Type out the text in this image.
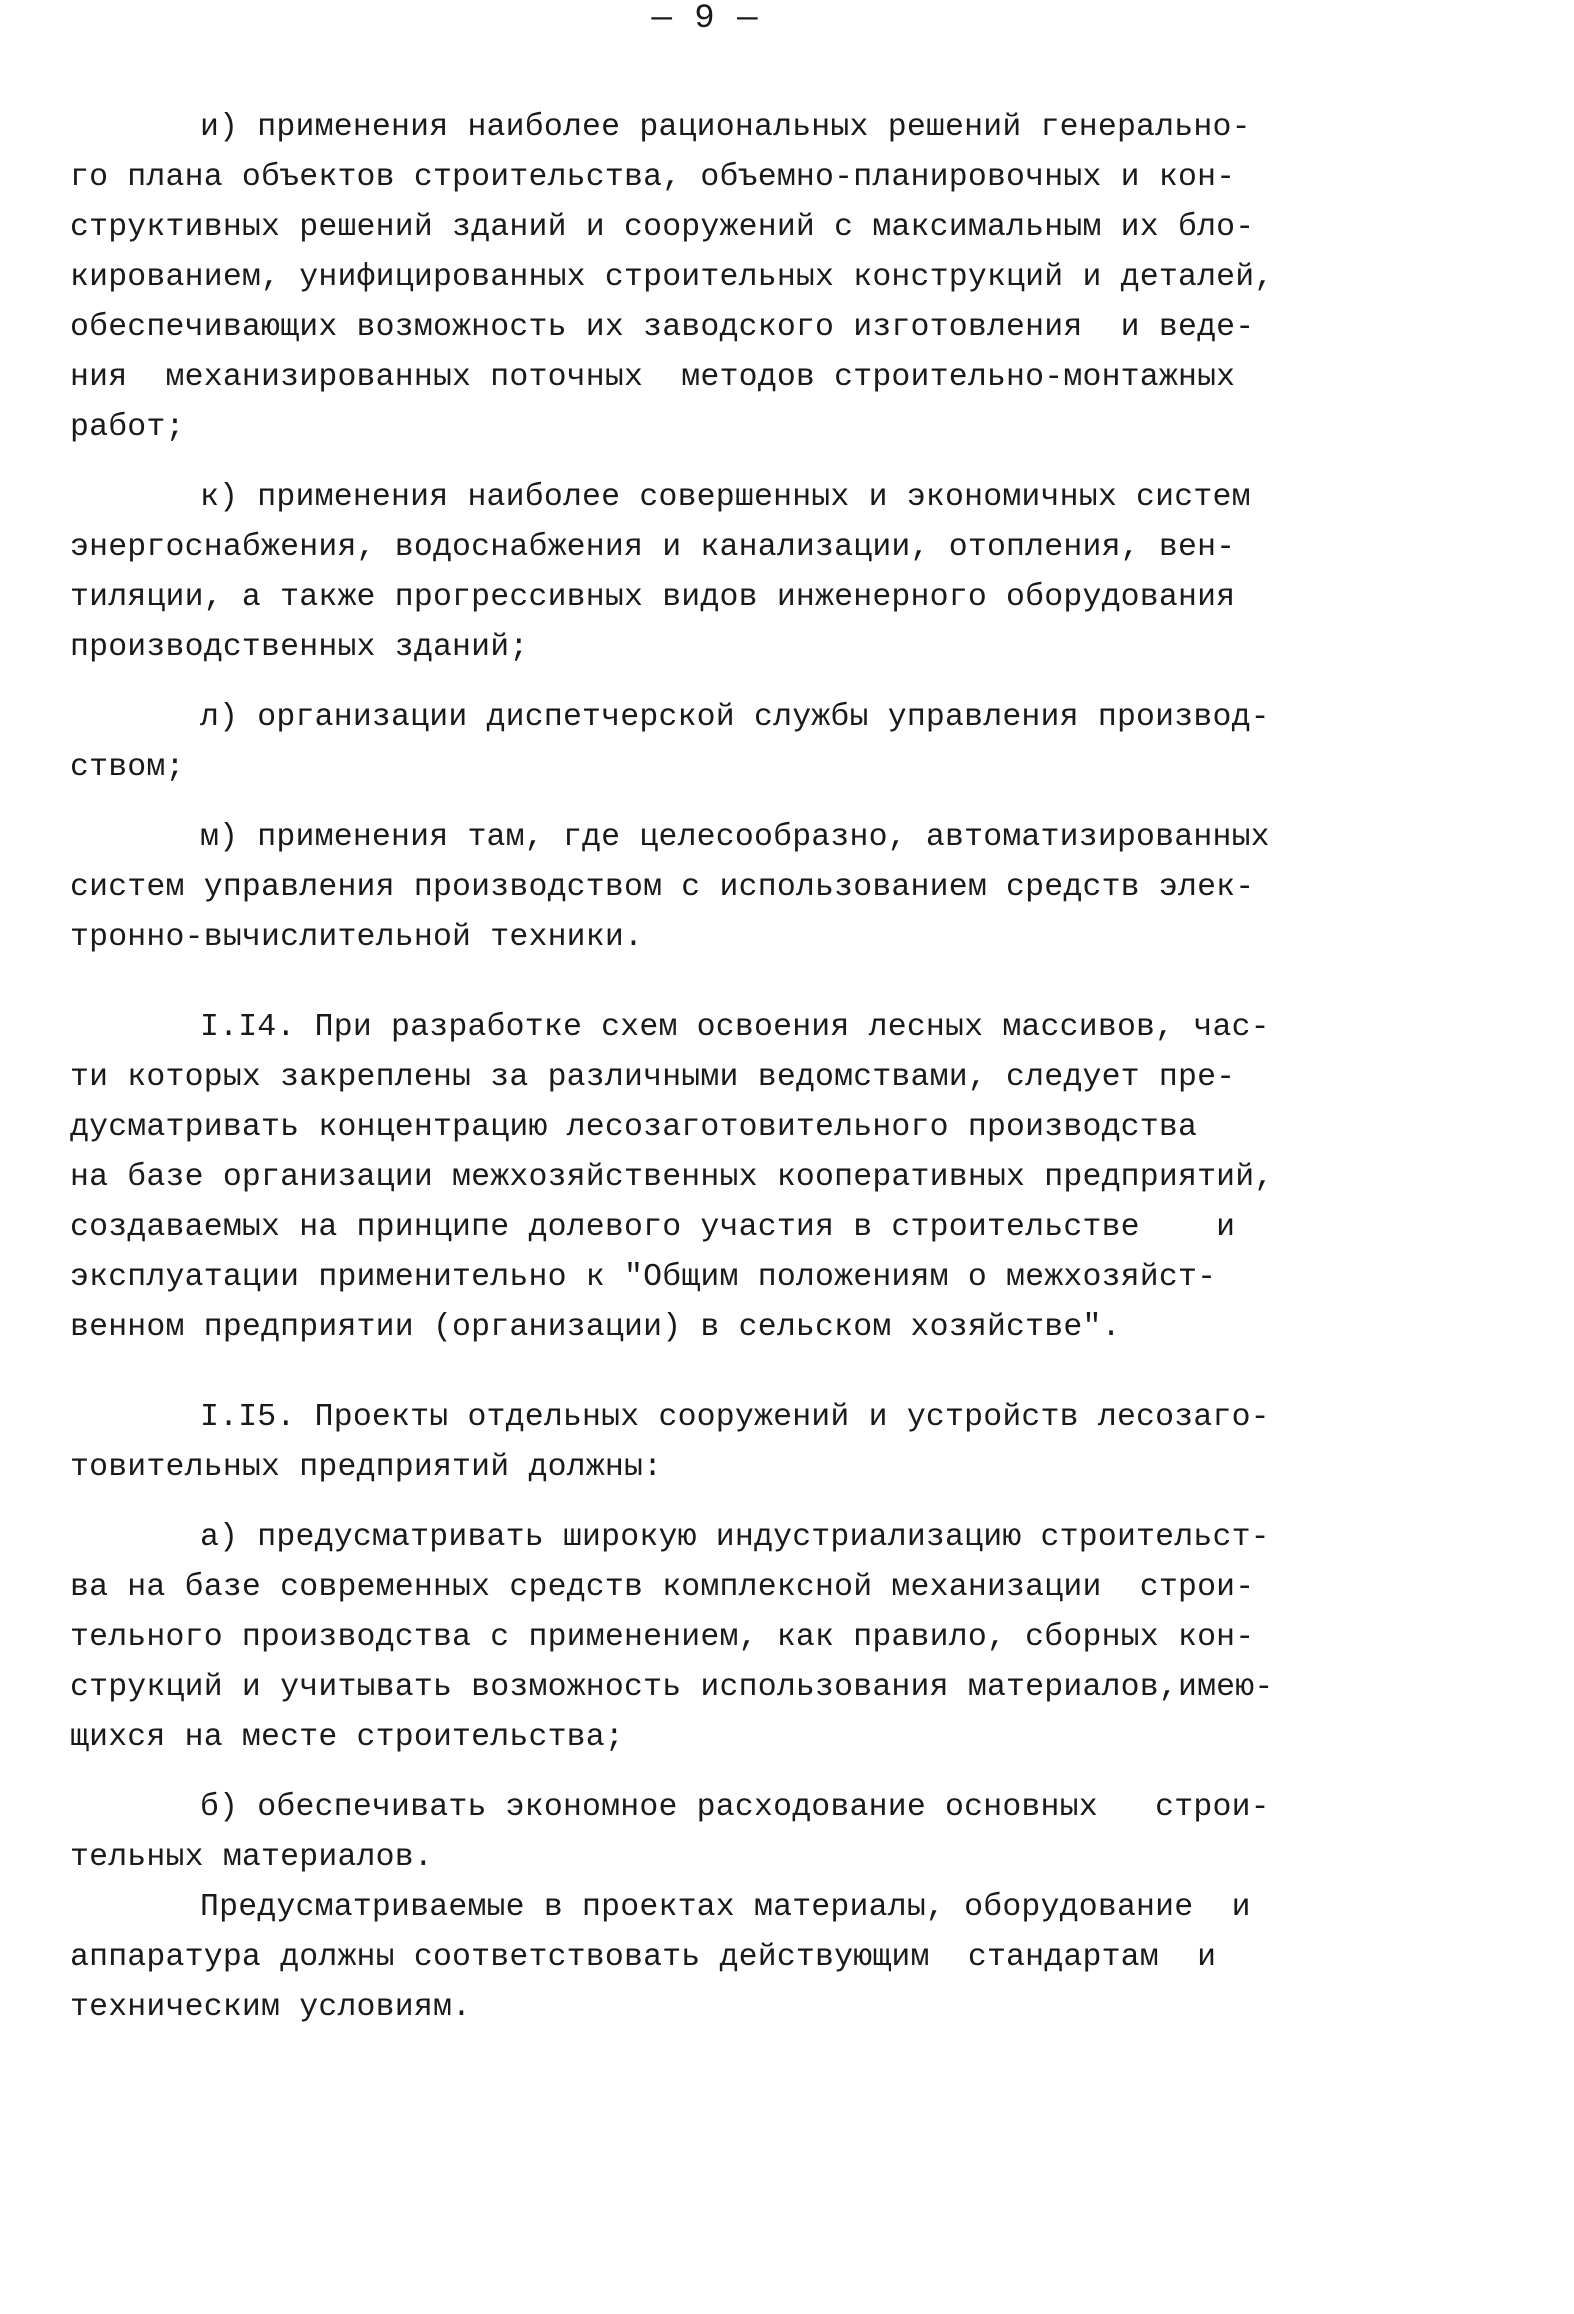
— 9 —
и) применения наиболее рациональных решений генерально-
го плана объектов строительства, объемно-планировочных и кон-
структивных решений зданий и сооружений с максимальным их бло-
кированием, унифицированных строительных конструкций и деталей,
обеспечивающих возможность их заводского изготовления  и веде-
ния  механизированных поточных  методов строительно-монтажных
работ;
к) применения наиболее совершенных и экономичных систем
энергоснабжения, водоснабжения и канализации, отопления, вен-
тиляции, а также прогрессивных видов инженерного оборудования
производственных зданий;
л) организации диспетчерской службы управления производ-
ством;
м) применения там, где целесообразно, автоматизированных
систем управления производством с использованием средств элек-
тронно-вычислительной техники.
I.I4. При разработке схем освоения лесных массивов, час-
ти которых закреплены за различными ведомствами, следует пре-
дусматривать концентрацию лесозаготовительного производства
на базе организации межхозяйственных кооперативных предприятий,
создаваемых на принципе долевого участия в строительстве    и
эксплуатации применительно к "Общим положениям о межхозяйст-
венном предприятии (организации) в сельском хозяйстве".
I.I5. Проекты отдельных сооружений и устройств лесозаго-
товительных предприятий должны:
а) предусматривать широкую индустриализацию строительст-
ва на базе современных средств комплексной механизации  строи-
тельного производства с применением, как правило, сборных кон-
струкций и учитывать возможность использования материалов,имею-
щихся на месте строительства;
б) обеспечивать экономное расходование основных   строи-
тельных материалов.
Предусматриваемые в проектах материалы, оборудование  и
аппаратура должны соответствовать действующим  стандартам  и
техническим условиям.
